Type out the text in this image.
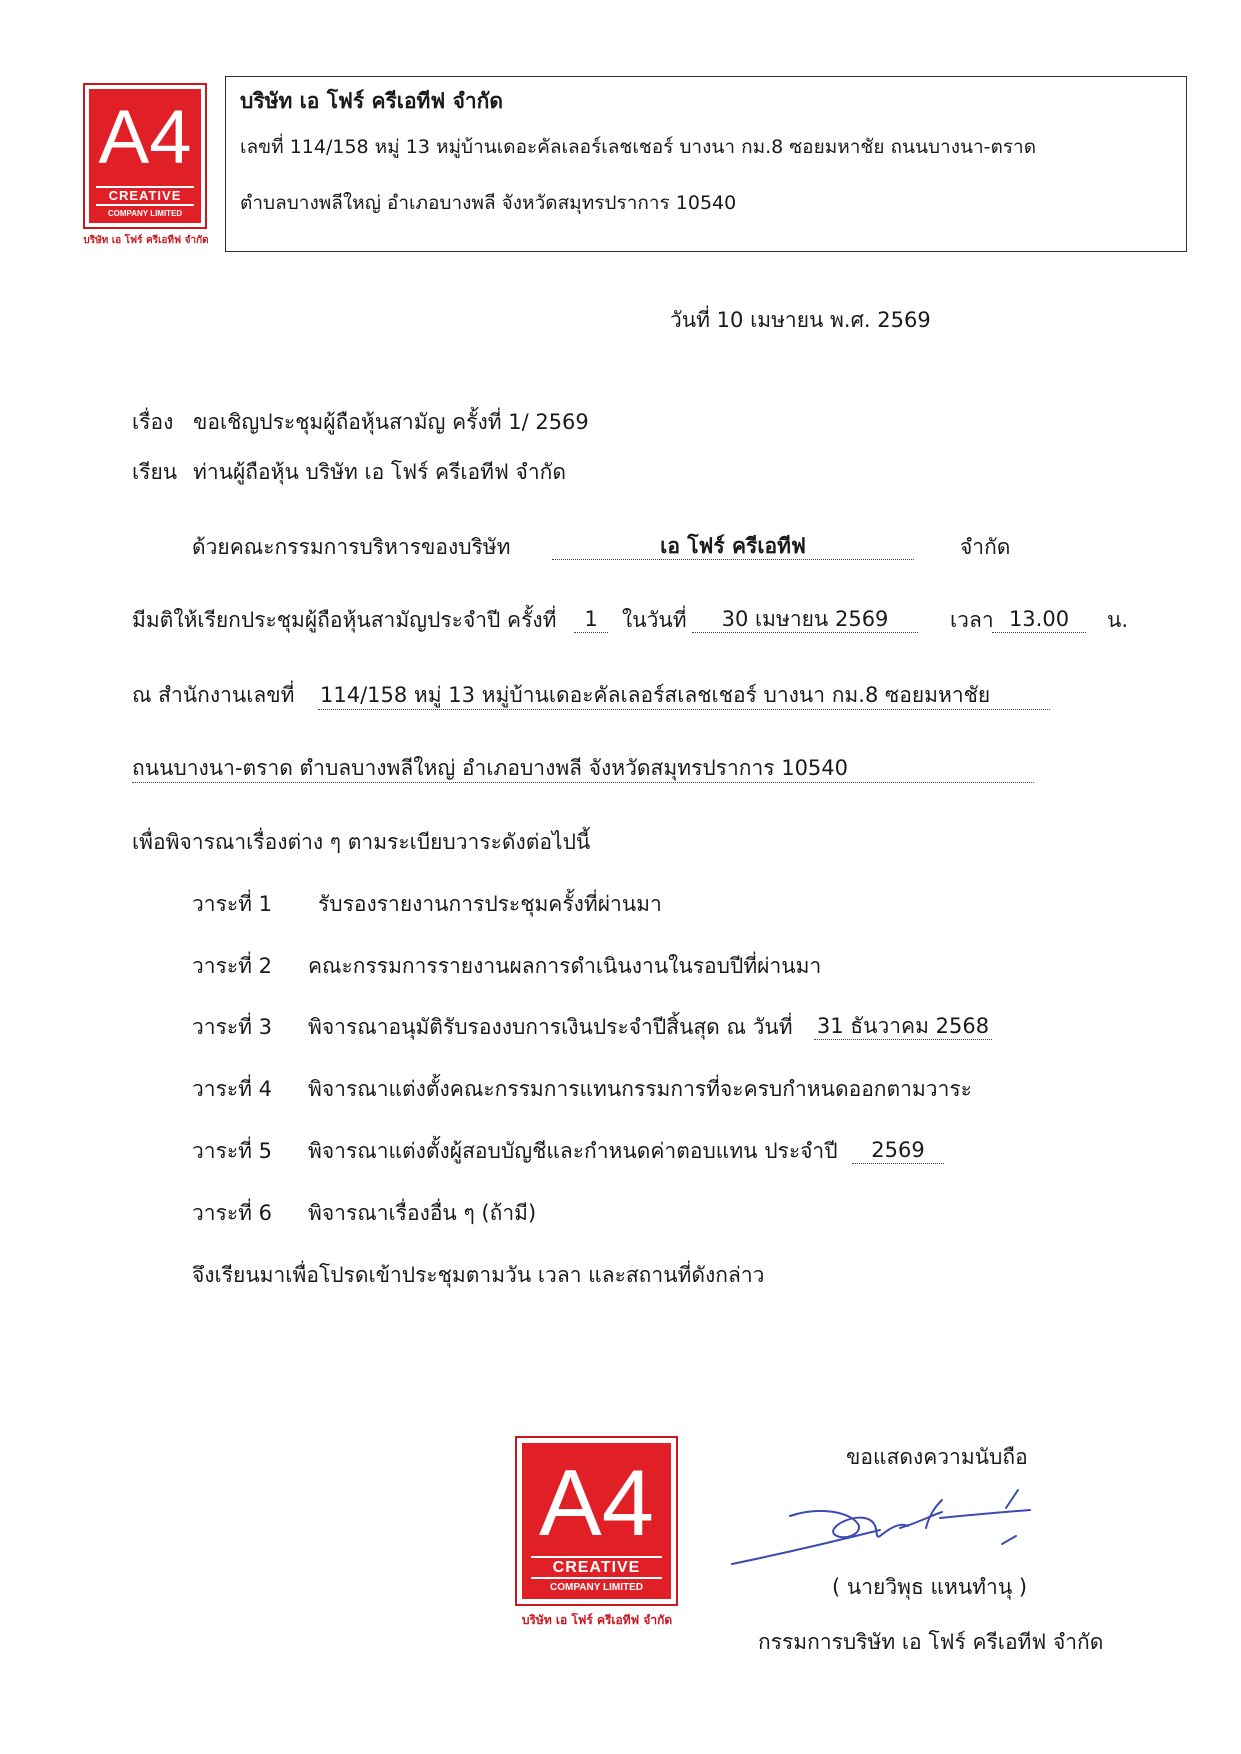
A4
CREATIVE
COMPANY LIMITED
บริษัท เอ โฟร์ ครีเอทีฟ จำกัด
บริษัท เอ โฟร์ ครีเอทีฟ จำกัด
เลขที่ 114/158 หมู่ 13 หมู่บ้านเดอะคัลเลอร์เลชเชอร์ บางนา กม.8 ซอยมหาชัย ถนนบางนา-ตราด
ตำบลบางพลีใหญ่ อำเภอบางพลี จังหวัดสมุทรปราการ 10540
วันที่ 10 เมษายน พ.ศ. 2569
เรื่อง ขอเชิญประชุมผู้ถือหุ้นสามัญ ครั้งที่ 1/ 2569
เรียน ท่านผู้ถือหุ้น บริษัท เอ โฟร์ ครีเอทีฟ จำกัด
ด้วยคณะกรรมการบริหารของบริษัท	เอ โฟร์ ครีเอทีฟ	จำกัด
มีมติให้เรียกประชุมผู้ถือหุ้นสามัญประจำปี ครั้งที่	1	ในวันที่	30 เมษายน 2569	เวลา 13.00	น.
ณ สำนักงานเลขที่ 114/158 หมู่ 13 หมู่บ้านเดอะคัลเลอร์สเลชเชอร์ บางนา กม.8 ซอยมหาชัย
ถนนบางนา-ตราด ตำบลบางพลีใหญ่ อำเภอบางพลี จังหวัดสมุทรปราการ 10540
เพื่อพิจารณาเรื่องต่าง ๆ ตามระเบียบวาระดังต่อไปนี้
วาระที่ 1 รับรองรายงานการประชุมครั้งที่ผ่านมา
วาระที่ 2 คณะกรรมการรายงานผลการดำเนินงานในรอบปีที่ผ่านมา
วาระที่ 3 พิจารณาอนุมัติรับรองงบการเงินประจำปีสิ้นสุด ณ วันที่ 31 ธันวาคม 2568
วาระที่ 4 พิจารณาแต่งตั้งคณะกรรมการแทนกรรมการที่จะครบกำหนดออกตามวาระ
วาระที่ 5 พิจารณาแต่งตั้งผู้สอบบัญชีและกำหนดค่าตอบแทน ประจำปี	2569
วาระที่ 6 พิจารณาเรื่องอื่น ๆ (ถ้ามี)
จึงเรียนมาเพื่อโปรดเข้าประชุมตามวัน เวลา และสถานที่ดังกล่าว
A4
CREATIVE
COMPANY LIMITED
บริษัท เอ โฟร์ ครีเอทีฟ จำกัด
ขอแสดงความนับถือ
( นายวิพุธ แหนทำนุ )
กรรมการบริษัท เอ โฟร์ ครีเอทีฟ จำกัด
